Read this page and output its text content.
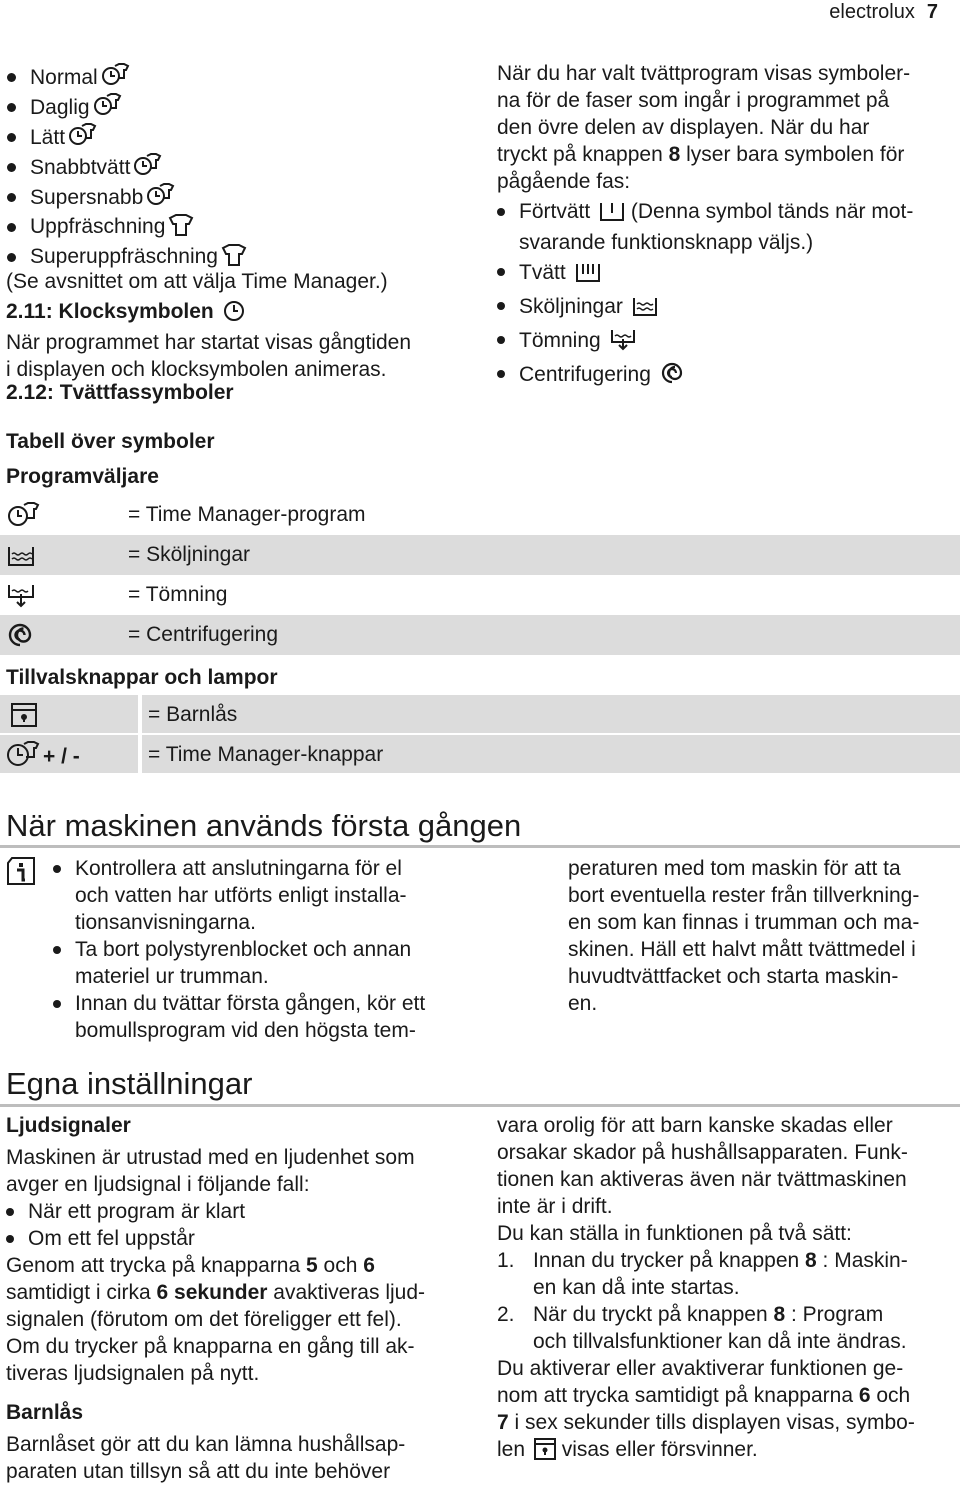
electrolux 7
Normal
Daglig
Lätt
Snabbtvätt
Supersnabb
Uppfräschning
Superuppfräschning
(Se avsnittet om att välja Time Manager.)
2.11: Klocksymbolen
När programmet har startat visas gångtiden
i displayen och klocksymbolen animeras.
2.12: Tvättfassymboler
När du har valt tvättprogram visas symboler-
na för de faser som ingår i programmet på
den övre delen av displayen. När du har
tryckt på knappen 8 lyser bara symbolen för
pågående fas:
Förtvätt (Denna symbol tänds när mot-
svarande funktionsknapp väljs.)
Tvätt
Sköljningar
Tömning
Centrifugering
Tabell över symboler
Programväljare
= Time Manager-program
= Sköljningar
= Tömning
= Centrifugering
Tillvalsknappar och lampor
= Barnlås
+ / -	= Time Manager-knappar
När maskinen används första gången
Kontrollera att anslutningarna för el
och vatten har utförts enligt installa-
tionsanvisningarna.
Ta bort polystyrenblocket och annan
materiel ur trumman.
Innan du tvättar första gången, kör ett
bomullsprogram vid den högsta tem-
peraturen med tom maskin för att ta
bort eventuella rester från tillverkning-
en som kan finnas i trumman och ma-
skinen. Häll ett halvt mått tvättmedel i
huvudtvättfacket och starta maskin-
en.
Egna inställningar
Ljudsignaler
Maskinen är utrustad med en ljudenhet som
avger en ljudsignal i följande fall:
När ett program är klart
Om ett fel uppstår
Genom att trycka på knapparna 5 och 6
samtidigt i cirka 6 sekunder avaktiveras ljud-
signalen (förutom om det föreligger ett fel).
Om du trycker på knapparna en gång till ak-
tiveras ljudsignalen på nytt.
Barnlås
Barnlåset gör att du kan lämna hushållsap-
paraten utan tillsyn så att du inte behöver
vara orolig för att barn kanske skadas eller
orsakar skador på hushållsapparaten. Funk-
tionen kan aktiveras även när tvättmaskinen
inte är i drift.
Du kan ställa in funktionen på två sätt:
1. Innan du trycker på knappen 8 : Maskin-
en kan då inte startas.
2. När du tryckt på knappen 8 : Program
och tillvalsfunktioner kan då inte ändras.
Du aktiverar eller avaktiverar funktionen ge-
nom att trycka samtidigt på knapparna 6 och
7 i sex sekunder tills displayen visas, symbo-
len  visas eller försvinner.
